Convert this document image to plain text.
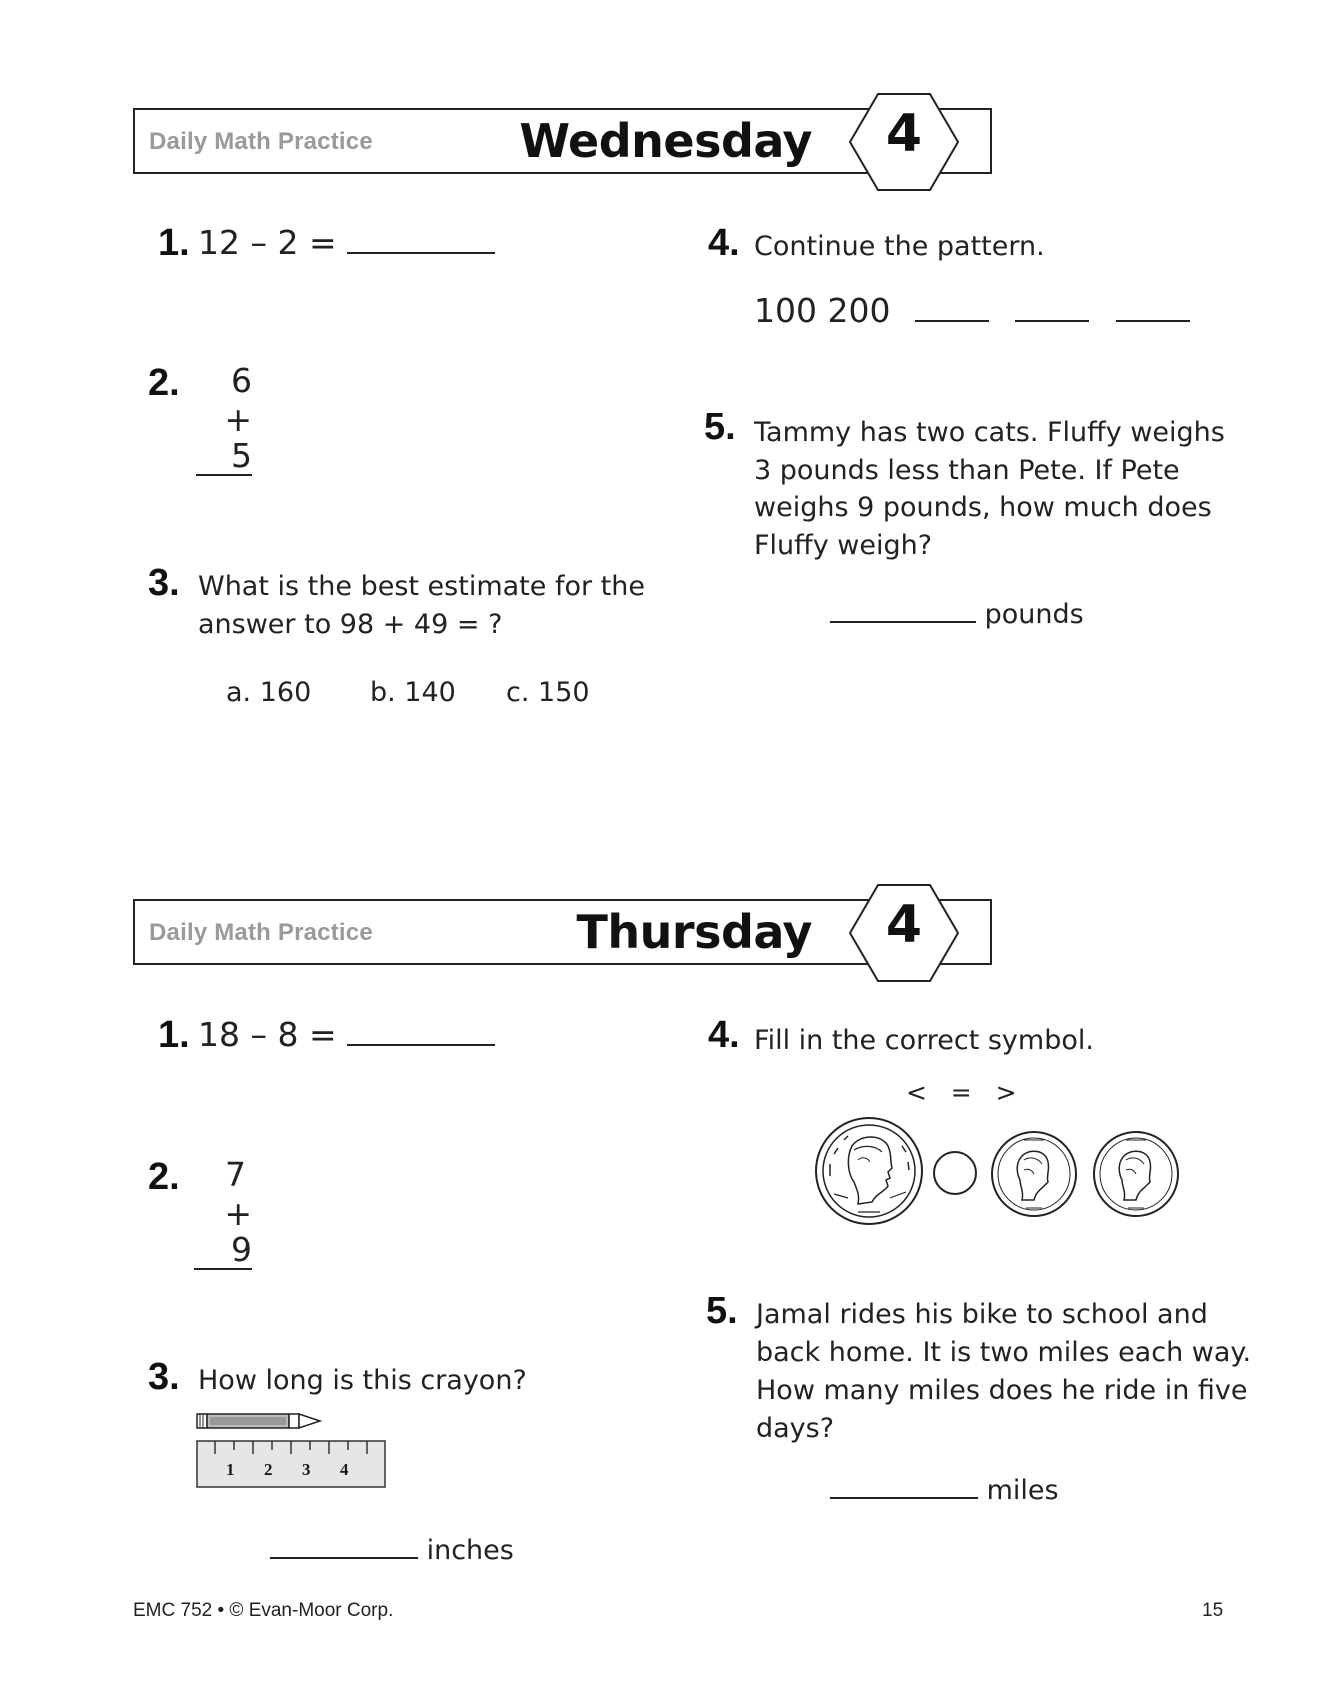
Daily Math Practice	Wednesday	4
1. 12 – 2 =
2.	6
+ 5
3. What is the best estimate for the
answer to 98 + 49 = ?
a. 160 b. 140 c. 150
4. Continue the pattern.
100 200
5. Tammy has two cats. Fluffy weighs
3 pounds less than Pete. If Pete
weighs 9 pounds, how much does
Fluffy weigh?
pounds
Daily Math Practice	Thursday	4
1. 18 – 8 =
2.	7
+ 9
3. How long is this crayon?
1 2 3 4
inches
4. Fill in the correct symbol.
<   =   >
5. Jamal rides his bike to school and
back home. It is two miles each way.
How many miles does he ride in five
days?
miles
EMC 752 • © Evan-Moor Corp.	15
